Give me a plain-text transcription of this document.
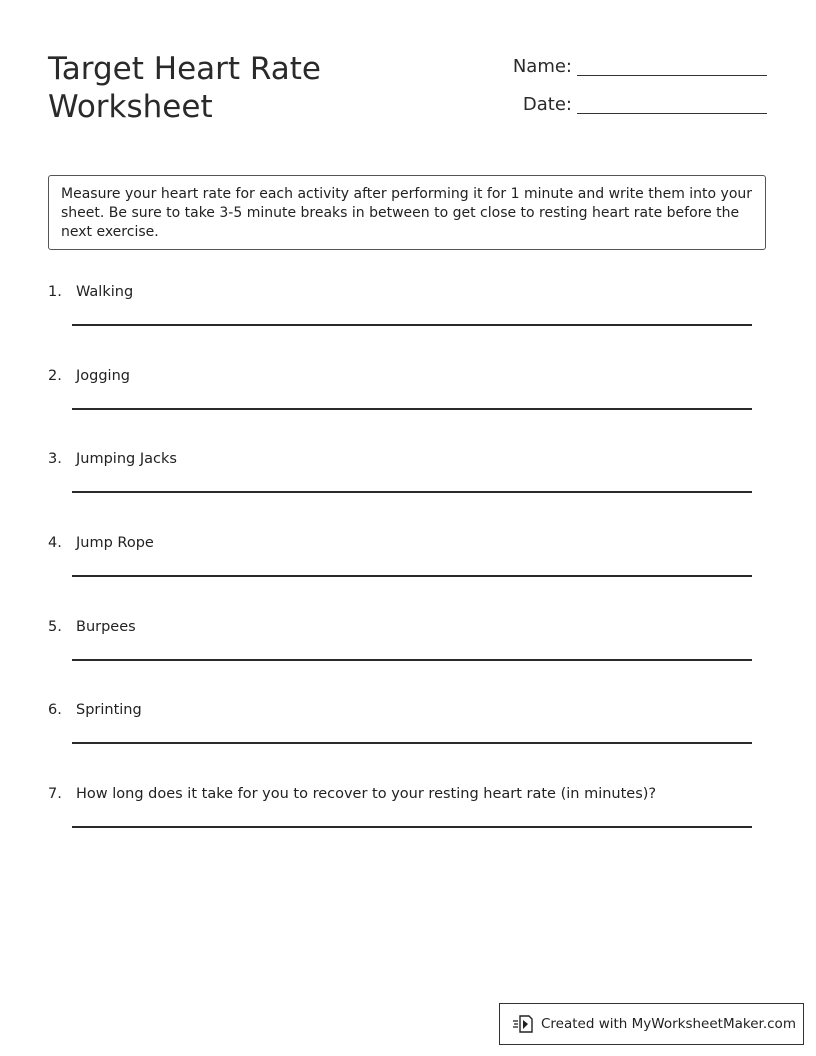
Target Heart Rate
Worksheet
Name:
Date:
Measure your heart rate for each activity after performing it for 1 minute and write them into your sheet. Be sure to take 3-5 minute breaks in between to get close to resting heart rate before the next exercise.
1. Walking
2. Jogging
3. Jumping Jacks
4. Jump Rope
5. Burpees
6. Sprinting
7. How long does it take for you to recover to your resting heart rate (in minutes)?
Created with MyWorksheetMaker.com
